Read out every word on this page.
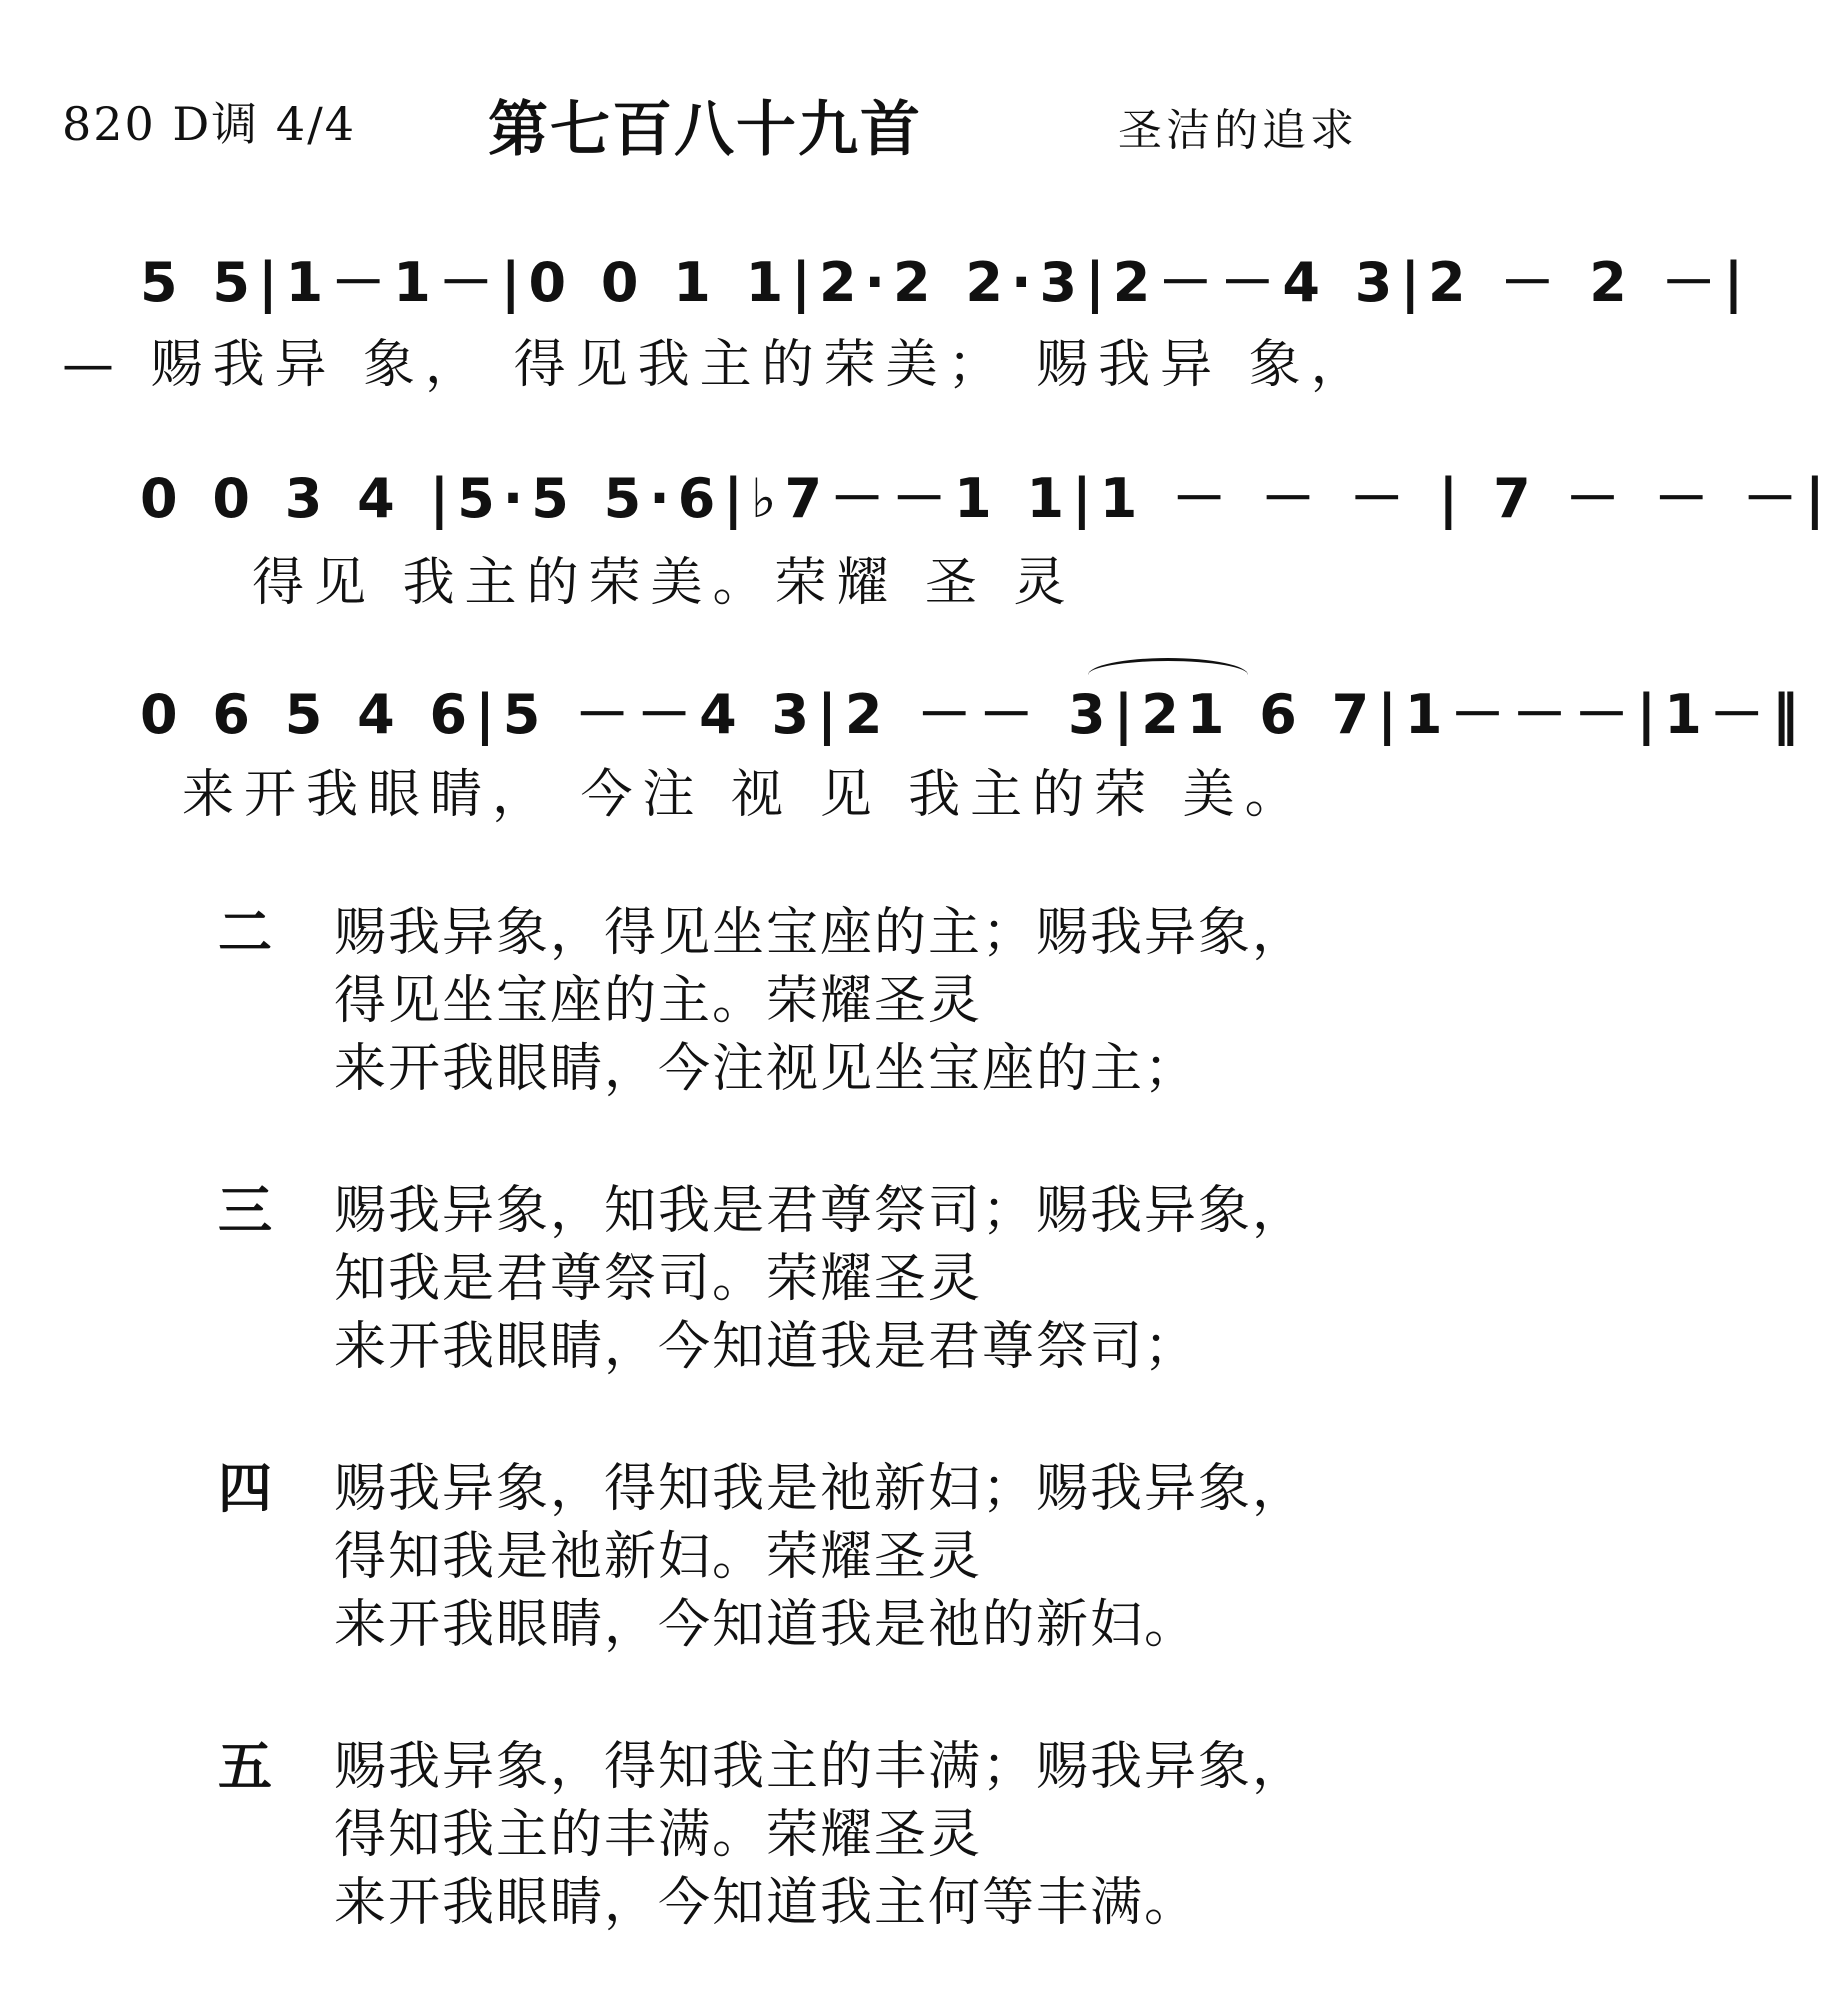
820 D调 4/4 第七百八十九首	圣洁的追求
5 5|1－1－|0 0 1 1|2·2 2·3|2－－4 3|2 － 2 －|
— 赐我异 象， 得见我主的荣美； 赐我异 象，
0 0 3 4 |5·5 5·6|♭7－－1 1|1 － － － | 7 － － －|
得见 我主的荣美。荣耀 圣 灵
0 6 5 4 6|5 －－4 3|2 －－ 3|21 6 7|1－－－|1－‖
来开我眼睛， 今注 视 见 我主的荣 美。
二 赐我异象，得见坐宝座的主；赐我异象，
得见坐宝座的主。荣耀圣灵
来开我眼睛，今注视见坐宝座的主；
三 赐我异象，知我是君尊祭司；赐我异象，
知我是君尊祭司。荣耀圣灵
来开我眼睛，今知道我是君尊祭司；
四 赐我异象，得知我是祂新妇；赐我异象，
得知我是祂新妇。荣耀圣灵
来开我眼睛，今知道我是祂的新妇。
五 赐我异象，得知我主的丰满；赐我异象，
得知我主的丰满。荣耀圣灵
来开我眼睛，今知道我主何等丰满。
